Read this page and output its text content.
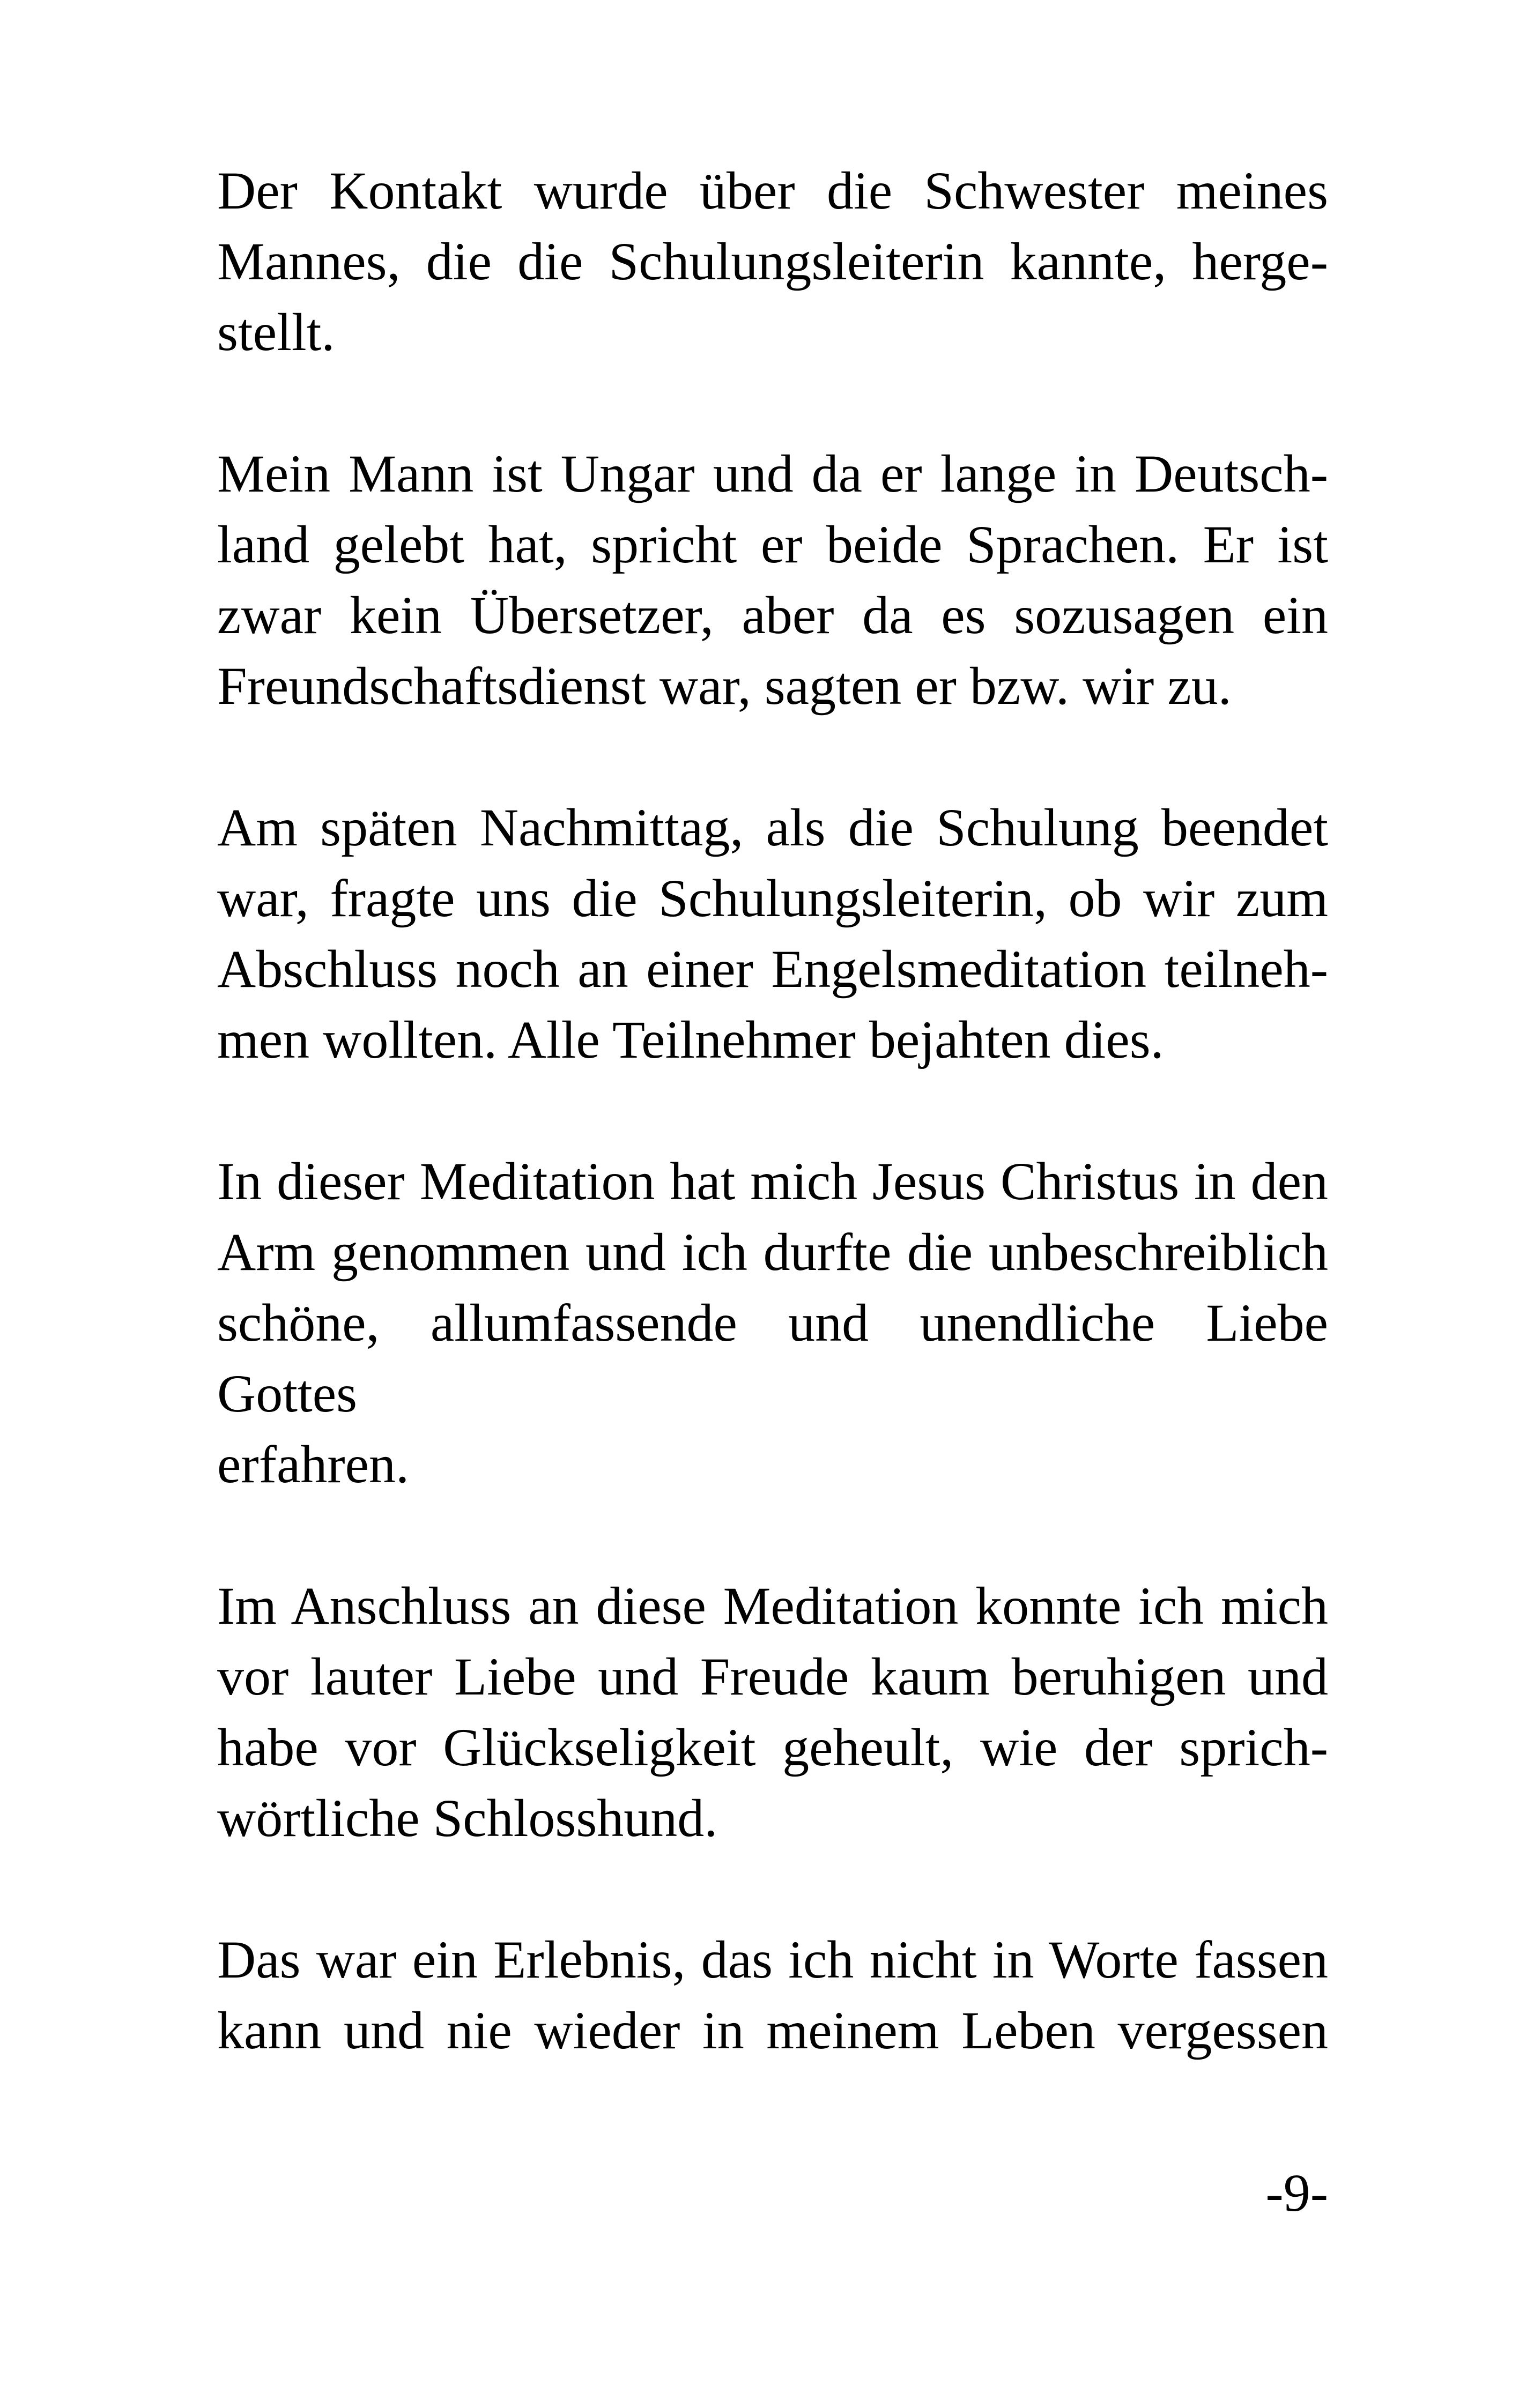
Der Kontakt wurde über die Schwester meines
Mannes, die die Schulungsleiterin kannte, herge-
stellt.
Mein Mann ist Ungar und da er lange in Deutsch-
land gelebt hat, spricht er beide Sprachen. Er ist
zwar kein Übersetzer, aber da es sozusagen ein
Freundschaftsdienst war, sagten er bzw. wir zu.
Am späten Nachmittag, als die Schulung beendet
war, fragte uns die Schulungsleiterin, ob wir zum
Abschluss noch an einer Engelsmeditation teilneh-
men wollten. Alle Teilnehmer bejahten dies.
In dieser Meditation hat mich Jesus Christus in den
Arm genommen und ich durfte die unbeschreiblich
schöne, allumfassende und unendliche Liebe Gottes
erfahren.
Im Anschluss an diese Meditation konnte ich mich
vor lauter Liebe und Freude kaum beruhigen und
habe vor Glückseligkeit geheult, wie der sprich-
wörtliche Schlosshund.
Das war ein Erlebnis, das ich nicht in Worte fassen
kann und nie wieder in meinem Leben vergessen
-9-
